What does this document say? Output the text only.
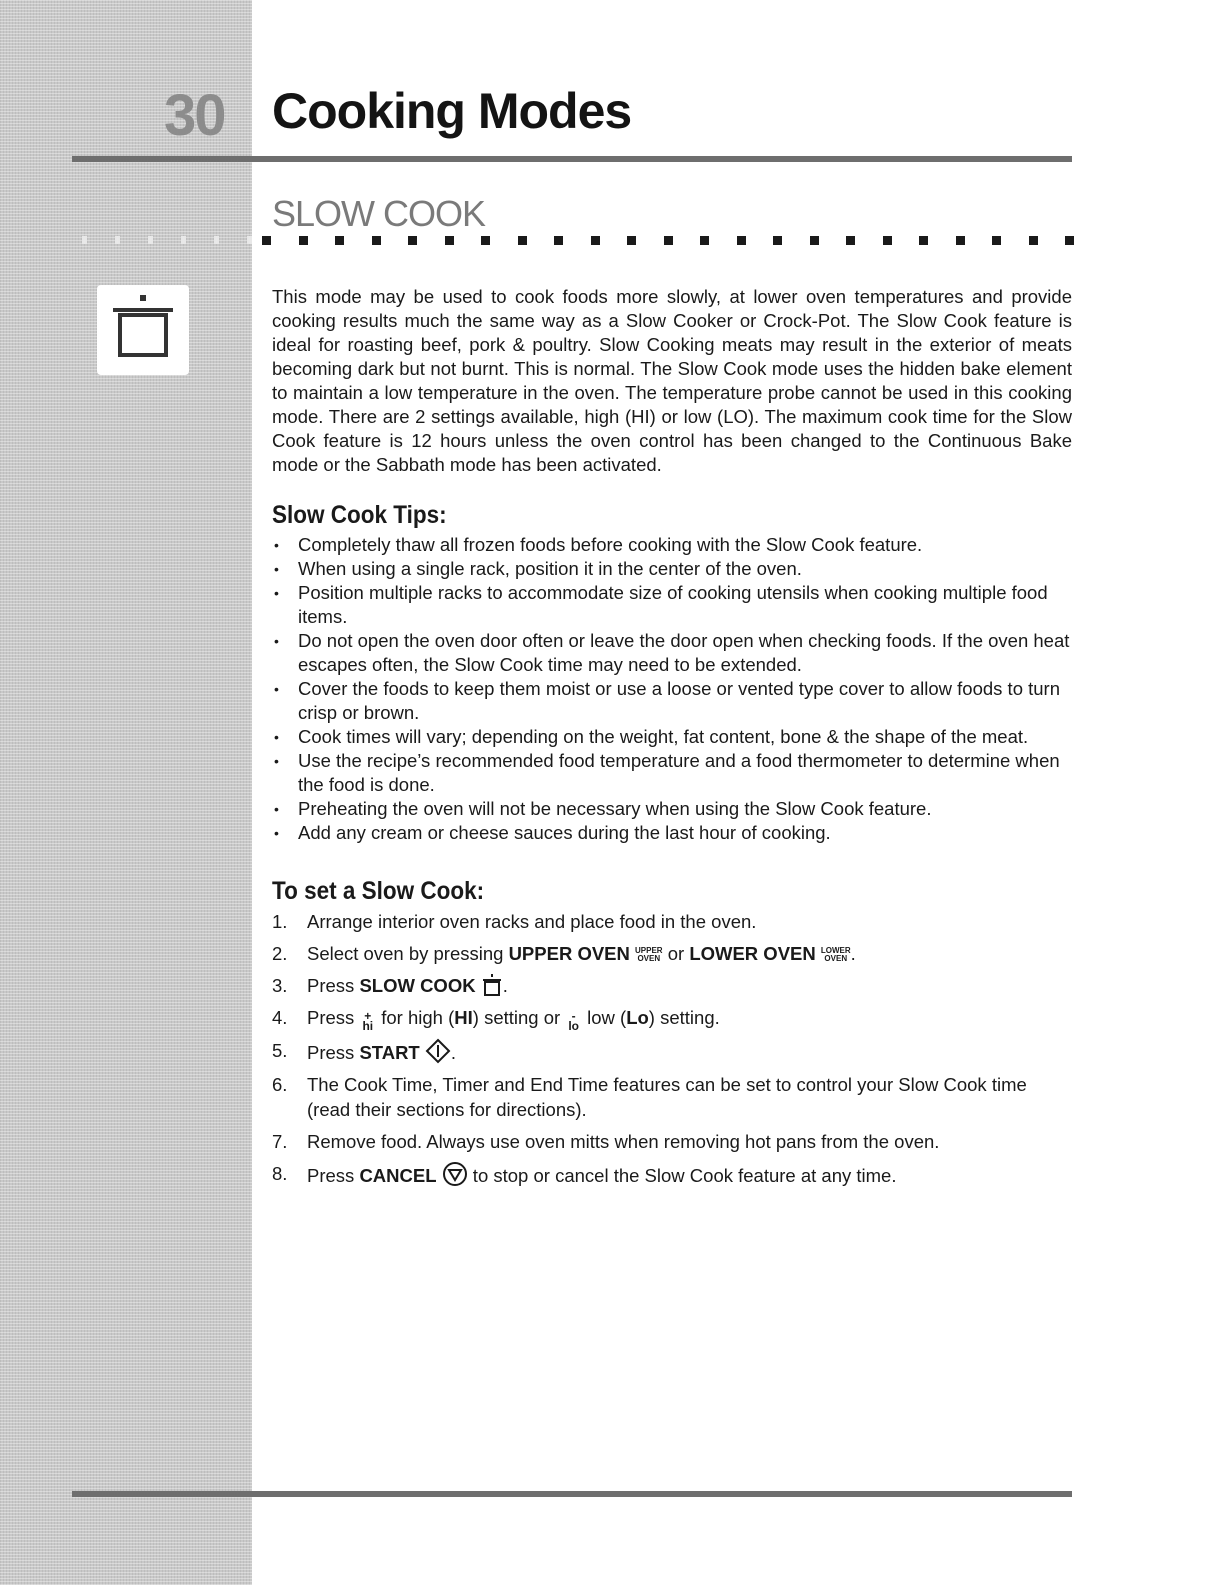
30 Cooking Modes
SLOW COOK

This mode may be used to cook foods more slowly, at lower oven temperatures and provide cooking results much the same way as a Slow Cooker or Crock-Pot. The Slow Cook feature is ideal for roasting beef, pork & poultry. Slow Cooking meats may result in the exterior of meats becoming dark but not burnt. This is normal. The Slow Cook mode uses the hidden bake element to maintain a low temperature in the oven. The temperature probe cannot be used in this cooking mode. There are 2 settings available, high (HI) or low (LO). The maximum cook time for the Slow Cook feature is 12 hours unless the oven control has been changed to the Continuous Bake mode or the Sabbath mode has been activated.

Slow Cook Tips:
• Completely thaw all frozen foods before cooking with the Slow Cook feature.
• When using a single rack, position it in the center of the oven.
• Position multiple racks to accommodate size of cooking utensils when cooking multiple food items.
• Do not open the oven door often or leave the door open when checking foods. If the oven heat escapes often, the Slow Cook time may need to be extended.
• Cover the foods to keep them moist or use a loose or vented type cover to allow foods to turn crisp or brown.
• Cook times will vary; depending on the weight, fat content, bone & the shape of the meat.
• Use the recipe’s recommended food temperature and a food thermometer to determine when the food is done.
• Preheating the oven will not be necessary when using the Slow Cook feature.
• Add any cream or cheese sauces during the last hour of cooking.
To set a Slow Cook:
1. Arrange interior oven racks and place food in the oven.
2. Select oven by pressing UPPER OVEN UPPER
OVEN or LOWER OVEN LOWER
OVEN .
3. Press SLOW COOK .
4. Press +
hi for high (HI) setting or -
lo low (Lo) setting.
5. Press START .
6. The Cook Time, Timer and End Time features can be set to control your Slow Cook time (read their sections for directions).
7. Remove food. Always use oven mitts when removing hot pans from the oven.
8. Press CANCEL  to stop or cancel the Slow Cook feature at any time.
